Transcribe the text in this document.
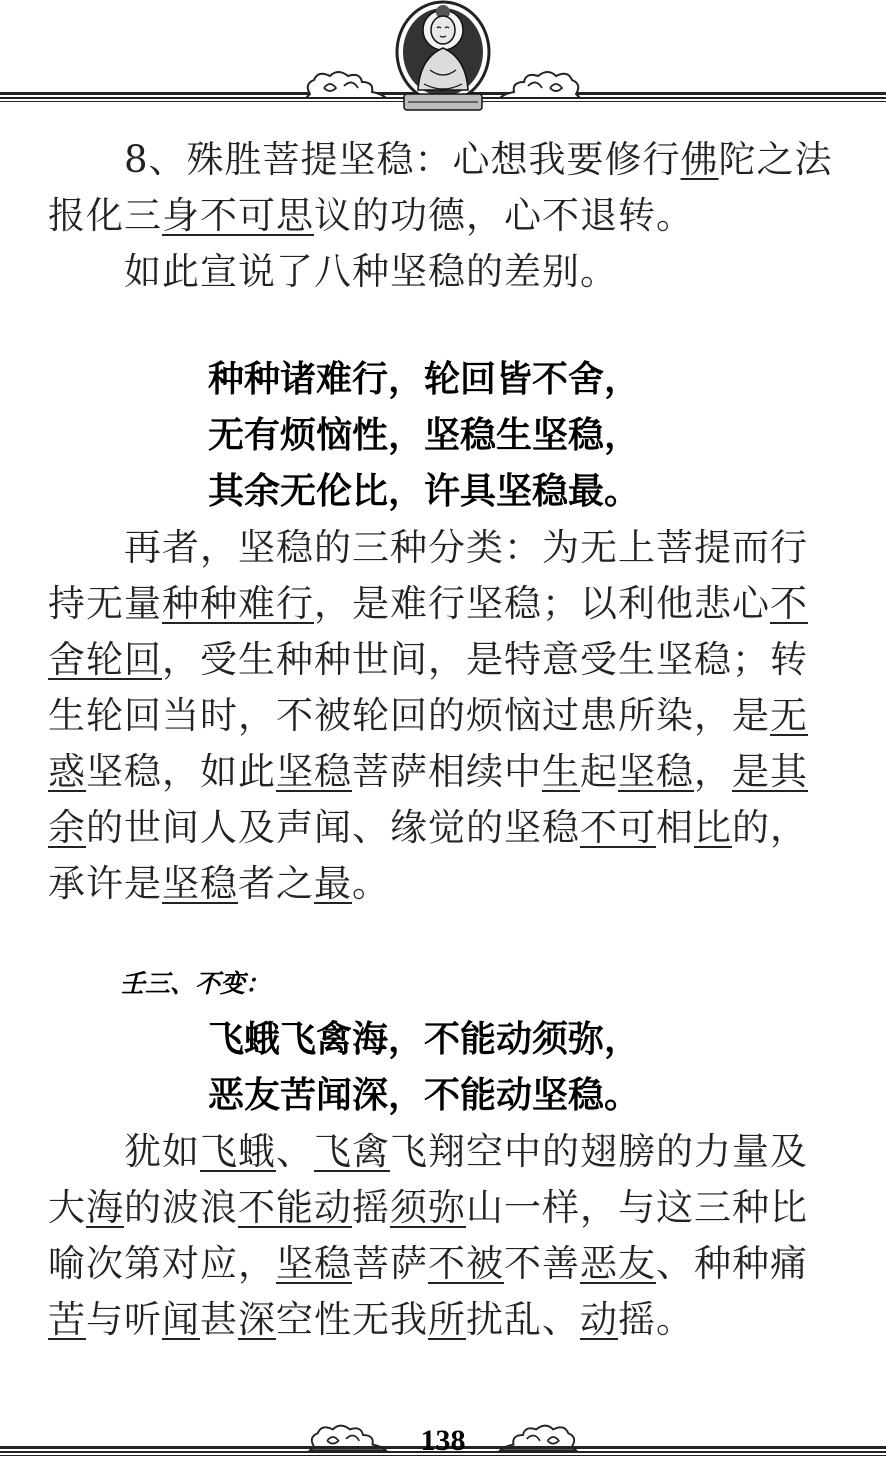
8、殊胜菩提坚稳：心想我要修行佛陀之法
报化三身不可思议的功德，心不退转。
如此宣说了八种坚稳的差别。
种种诸难行，轮回皆不舍，
无有烦恼性，坚稳生坚稳，
其余无伦比，许具坚稳最。
再者，坚稳的三种分类：为无上菩提而行
持无量种种难行，是难行坚稳；以利他悲心不
舍轮回，受生种种世间，是特意受生坚稳；转
生轮回当时，不被轮回的烦恼过患所染，是无
惑坚稳，如此坚稳菩萨相续中生起坚稳，是其
余的世间人及声闻、缘觉的坚稳不可相比的，
承许是坚稳者之最。
壬三、不变：
飞蛾飞禽海，不能动须弥，
恶友苦闻深，不能动坚稳。
犹如飞蛾、飞禽飞翔空中的翅膀的力量及
大海的波浪不能动摇须弥山一样，与这三种比
喻次第对应，坚稳菩萨不被不善恶友、种种痛
苦与听闻甚深空性无我所扰乱、动摇。
138
